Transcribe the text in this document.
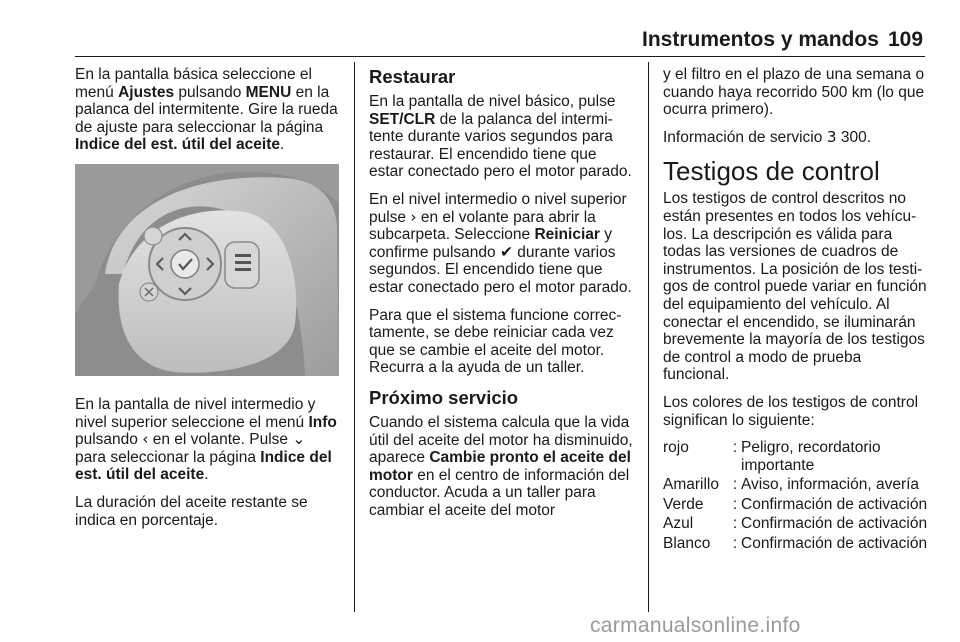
Instrumentos y mandos 109

En la pantalla básica seleccione el menú Ajustes pulsando MENU en la palanca del intermitente. Gire la rueda de ajuste para seleccionar la página Indice del est. útil del aceite.

En la pantalla de nivel intermedio y nivel superior seleccione el menú Info pulsando ‹ en el volante. Pulse ⌄ para seleccionar la página Indice del est. útil del aceite.

La duración del aceite restante se indica en porcentaje.

Restaurar

En la pantalla de nivel básico, pulse SET/CLR de la palanca del intermitente durante varios segundos para restaurar. El encendido tiene que estar conectado pero el motor parado.

En el nivel intermedio o nivel superior pulse › en el volante para abrir la subcarpeta. Seleccione Reiniciar y confirme pulsando ✔ durante varios segundos. El encendido tiene que estar conectado pero el motor parado.

Para que el sistema funcione correctamente, se debe reiniciar cada vez que se cambie el aceite del motor. Recurra a la ayuda de un taller.

Próximo servicio

Cuando el sistema calcula que la vida útil del aceite del motor ha disminuido, aparece Cambie pronto el aceite del motor en el centro de información del conductor. Acuda a un taller para cambiar el aceite del motor

y el filtro en el plazo de una semana o cuando haya recorrido 500 km (lo que ocurra primero).

Información de servicio 3 300.

Testigos de control

Los testigos de control descritos no están presentes en todos los vehículos. La descripción es válida para todas las versiones de cuadros de instrumentos. La posición de los testigos de control puede variar en función del equipamiento del vehículo. Al conectar el encendido, se iluminarán brevemente la mayoría de los testigos de control a modo de prueba funcional.

Los colores de los testigos de control significan lo siguiente:

rojo	:	Peligro, recordatorio importante
Amarillo	:	Aviso, información, avería
Verde	:	Confirmación de activación
Azul	:	Confirmación de activación
Blanco	:	Confirmación de activación
carmanualsonline.info
